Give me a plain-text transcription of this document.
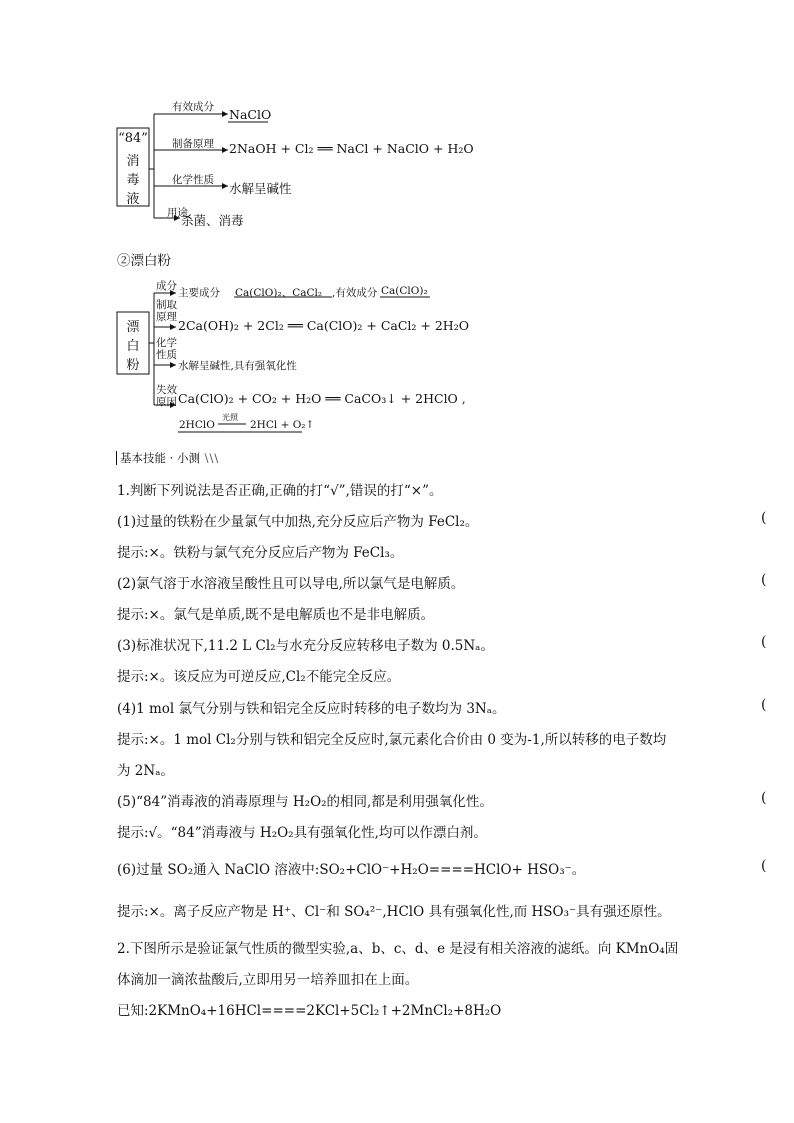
“84”
消
毒
液
有效成分 NaClO
制备原理 2NaOH + Cl₂ ══ NaCl + NaClO + H₂O
化学性质
水解呈碱性
用途
杀菌、消毒
②漂白粉
漂
白
粉
成分
主要成分 Ca(ClO)₂、CaCl₂ ,有效成分 Ca(ClO)₂
制取
原理
2Ca(OH)₂ + 2Cl₂ ══ Ca(ClO)₂ + CaCl₂ + 2H₂O
化学
性质
水解呈碱性,具有强氧化性
失效
原因 Ca(ClO)₂ + CO₂ + H₂O ══ CaCO₃↓ + 2HClO ,
2HClO
光照
2HCl + O₂↑
基本技能 · 小测 \\\
1.判断下列说法是否正确,正确的打“√”,错误的打“×”。
(1)过量的铁粉在少量氯气中加热,充分反应后产物为 FeCl₂。	(
提示:×。铁粉与氯气充分反应后产物为 FeCl₃。
(2)氯气溶于水溶液呈酸性且可以导电,所以氯气是电解质。	(
提示:×。氯气是单质,既不是电解质也不是非电解质。
(3)标准状况下,11.2 L Cl₂与水充分反应转移电子数为 0.5Nₐ。	(
提示:×。该反应为可逆反应,Cl₂不能完全反应。
(4)1 mol 氯气分别与铁和铝完全反应时转移的电子数均为 3Nₐ。	(
提示:×。1 mol Cl₂分别与铁和铝完全反应时,氯元素化合价由 0 变为-1,所以转移的电子数均
为 2Nₐ。
(5)“84”消毒液的消毒原理与 H₂O₂的相同,都是利用强氧化性。	(
提示:√。“84”消毒液与 H₂O₂具有强氧化性,均可以作漂白剂。
(6)过量 SO₂通入 NaClO 溶液中:SO₂+ClO⁻+H₂O====HClO+ HSO₃⁻。	(
提示:×。离子反应产物是 H⁺、Cl⁻和 SO₄²⁻,HClO 具有强氧化性,而 HSO₃⁻具有强还原性。
2.下图所示是验证氯气性质的微型实验,a、b、c、d、e 是浸有相关溶液的滤纸。向 KMnO₄固
体滴加一滴浓盐酸后,立即用另一培养皿扣在上面。
已知:2KMnO₄+16HCl====2KCl+5Cl₂↑+2MnCl₂+8H₂O
